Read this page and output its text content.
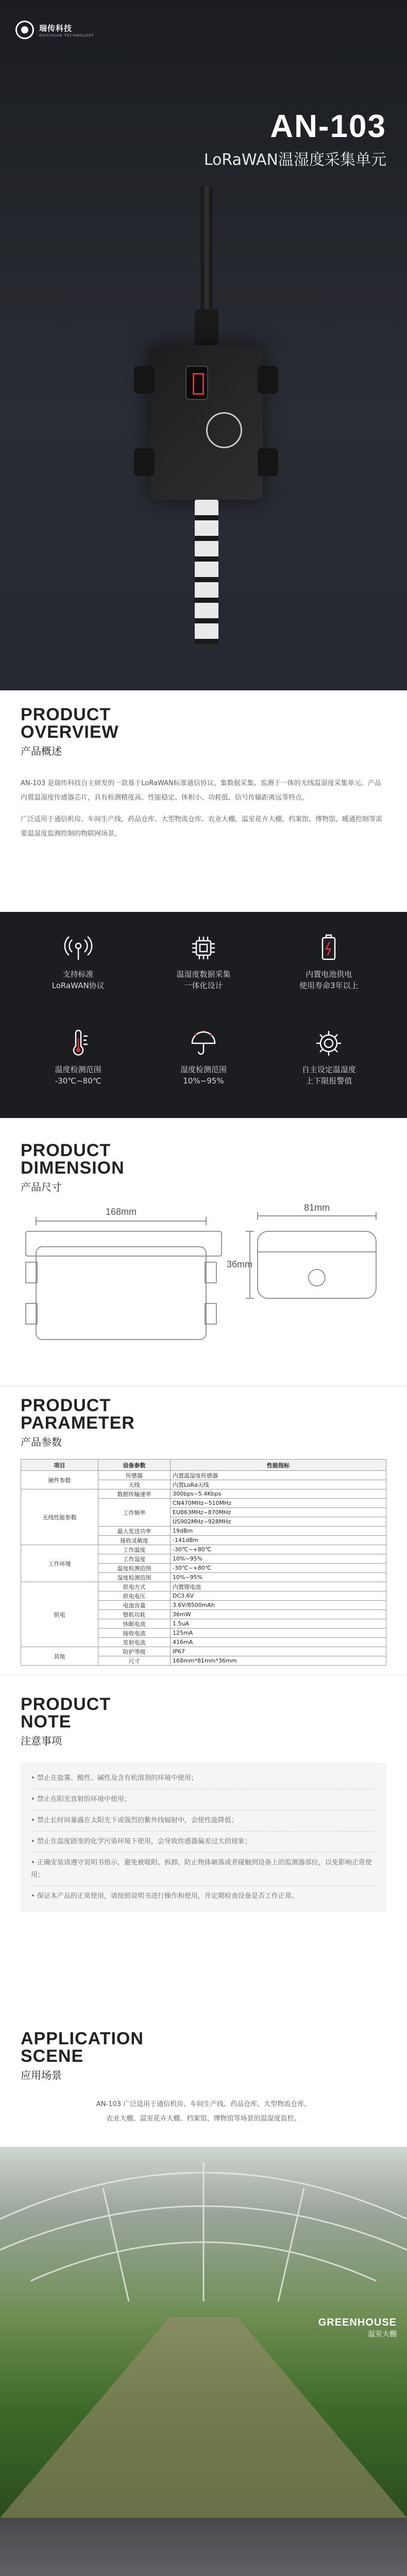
瑞传科技
RUICHUAN TECHNOLOGY
AN-103
LoRaWAN温湿度采集单元
PRODUCT
OVERVIEW
产品概述

AN-103 是瑞传科技自主研发的一款基于LoRaWAN标准通信协议，集数据采集、监测于一体的无线温湿度采集单元。产品内置温湿度传感器芯片，具有检测精度高、性能稳定、体积小、功耗低、信号传输距离远等特点。

广泛适用于通信机房、车间生产线、药品仓库、大型物流仓库、农业大棚、温室花卉大棚、档案馆、博物馆、暖通控制等需要温湿度监测控制的物联网场景。

支持标准
LoRaWAN协议
温湿度数据采集
一体化设计
内置电池供电
使用寿命3年以上
温度检测范围
-30℃~80℃
湿度检测范围
10%~95%
自主设定温湿度
上下限报警值
PRODUCT
DIMENSION
产品尺寸
168mm	81mm
36mm
PRODUCT
PARAMETER
产品参数
项目	设备参数	性能指标
硬件参数	传感器	内置温湿度传感器
	天线	内置LoRa天线
无线性能参数	数据传输速率	300bps~5.4Kbps
	工作频率	CN470MHz~510MHz
		EU863MHz~870MHz
		US902MHz~928MHz
	最大发送功率	19dBm
	接收灵敏度	-141dBm
工作环境	工作温度	-30℃~+80℃
	工作湿度	10%~95%
	温度检测范围	-30℃~+80℃
	湿度检测范围	10%~95%
供电	供电方式	内置锂电池
	供电电压	DC3.6V
	电池容量	3.6V/8500mAh
	整机功耗	36mW
	休眠电流	1.5uA
	接收电流	125mA
	发射电流	416mA
其他	防护等级	IP67
	尺寸	168mm*81mm*36mm
PRODUCT
NOTE
注意事项
• 禁止在盐雾、酸性、碱性及含有机溶剂的环境中使用；
• 禁止在阳光直射的环境中使用；
• 禁止长时间暴露在太阳光下或强烈的紫外线辐射中，会使性能降低；
• 禁止在温度剧变的化学污染环境下使用，会导致传感器偏差过大的现象；
• 正确安装请遵守说明书指示，避免被吸附、拆卸、防止物体砸落或者碰触到设备上的监测器部位，以免影响正常使用；
• 保证本产品的正常使用，请按照说明书进行操作和使用，并定期检查设备是否工作正常。
APPLICATION
SCENE
应用场景
AN-103 广泛适用于通信机房、车间生产线、药品仓库、大型物流仓库、
农业大棚、温室花卉大棚、档案馆、博物馆等场景的温湿度监控。
GREENHOUSE
温室大棚
